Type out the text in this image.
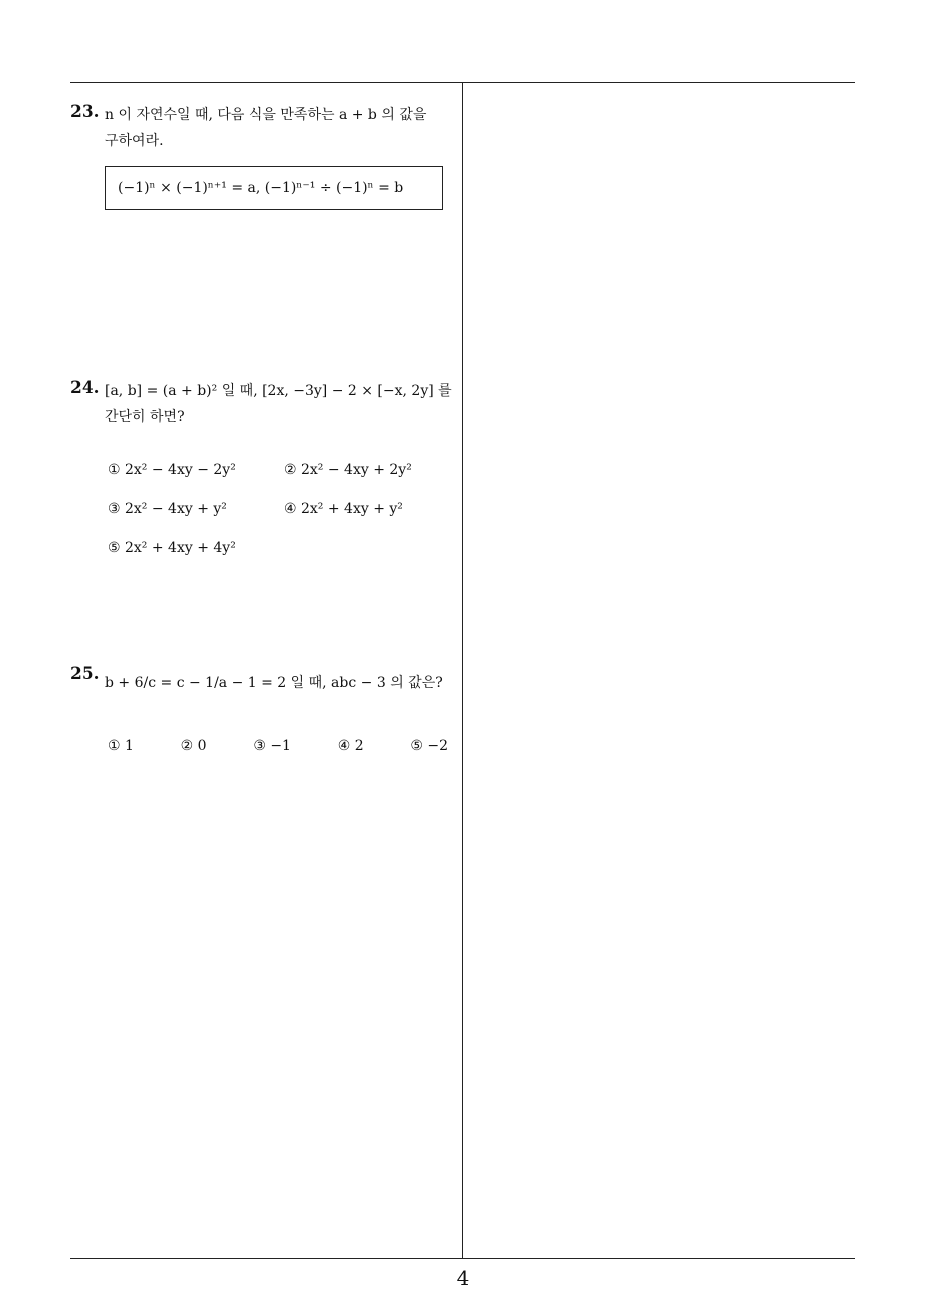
23. n 이 자연수일 때, 다음 식을 만족하는 a + b 의 값을
구하여라.
(−1)ⁿ × (−1)ⁿ⁺¹ = a, (−1)ⁿ⁻¹ ÷ (−1)ⁿ = b
24. [a, b] = (a + b)² 일 때, [2x, −3y] − 2 × [−x, 2y] 를
간단히 하면?
① 2x² − 4xy − 2y²	② 2x² − 4xy + 2y²
③ 2x² − 4xy + y²	④ 2x² + 4xy + y²
⑤ 2x² + 4xy + 4y²
25. b + 6/c = c − 1/a − 1 = 2 일 때, abc − 3 의 값은?
① 1	② 0	③ −1	④ 2	⑤ −2
4
